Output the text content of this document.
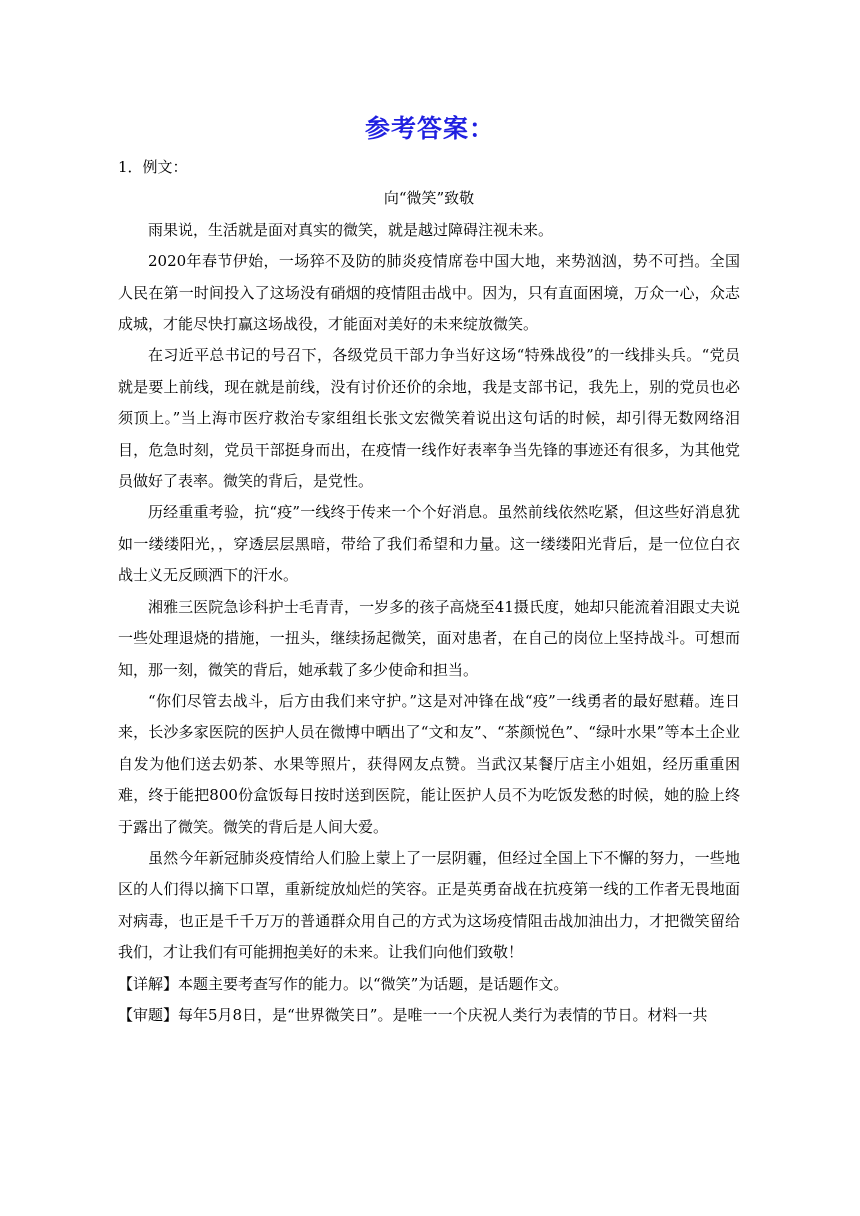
参考答案：

1．例文：

向“微笑”致敬

雨果说，生活就是面对真实的微笑，就是越过障碍注视未来。

2020年春节伊始，一场猝不及防的肺炎疫情席卷中国大地，来势汹汹，势不可挡。全国人民在第一时间投入了这场没有硝烟的疫情阻击战中。因为，只有直面困境，万众一心，众志成城，才能尽快打赢这场战役，才能面对美好的未来绽放微笑。

在习近平总书记的号召下，各级党员干部力争当好这场“特殊战役”的一线排头兵。“党员就是要上前线，现在就是前线，没有讨价还价的余地，我是支部书记，我先上，别的党员也必须顶上。”当上海市医疗救治专家组组长张文宏微笑着说出这句话的时候，却引得无数网络泪目，危急时刻，党员干部挺身而出，在疫情一线作好表率争当先锋的事迹还有很多，为其他党员做好了表率。微笑的背后，是党性。

历经重重考验，抗“疫”一线终于传来一个个好消息。虽然前线依然吃紧，但这些好消息犹如一缕缕阳光，，穿透层层黑暗，带给了我们希望和力量。这一缕缕阳光背后，是一位位白衣战士义无反顾洒下的汗水。

湘雅三医院急诊科护士毛青青，一岁多的孩子高烧至41摄氏度，她却只能流着泪跟丈夫说一些处理退烧的措施，一扭头，继续扬起微笑，面对患者，在自己的岗位上坚持战斗。可想而知，那一刻，微笑的背后，她承载了多少使命和担当。

“你们尽管去战斗，后方由我们来守护。”这是对冲锋在战“疫”一线勇者的最好慰藉。连日来，长沙多家医院的医护人员在微博中晒出了“文和友”、“茶颜悦色”、“绿叶水果”等本土企业自发为他们送去奶茶、水果等照片，获得网友点赞。当武汉某餐厅店主小姐姐，经历重重困难，终于能把800份盒饭每日按时送到医院，能让医护人员不为吃饭发愁的时候，她的脸上终于露出了微笑。微笑的背后是人间大爱。

虽然今年新冠肺炎疫情给人们脸上蒙上了一层阴霾，但经过全国上下不懈的努力，一些地区的人们得以摘下口罩，重新绽放灿烂的笑容。正是英勇奋战在抗疫第一线的工作者无畏地面对病毒，也正是千千万万的普通群众用自己的方式为这场疫情阻击战加油出力，才把微笑留给我们，才让我们有可能拥抱美好的未来。让我们向他们致敬！

【详解】本题主要考查写作的能力。以“微笑”为话题，是话题作文。

【审题】每年5月8日，是“世界微笑日”。是唯一一个庆祝人类行为表情的节日。材料一共
